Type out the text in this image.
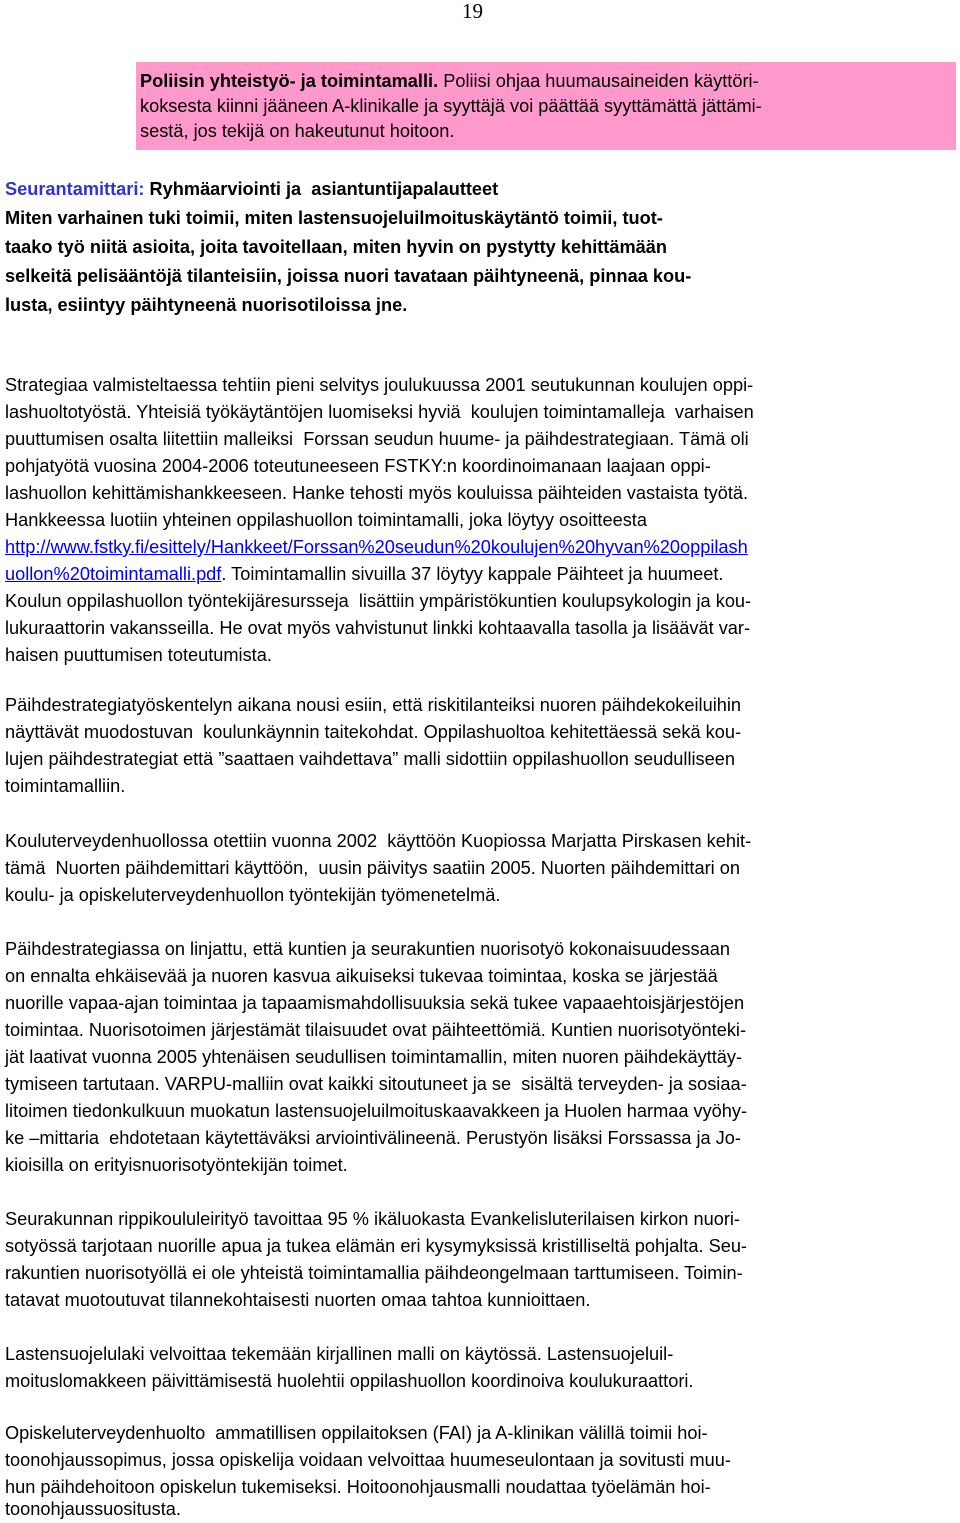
19
Poliisin yhteistyö- ja toimintamalli. Poliisi ohjaa huumausaineiden käyttöri-
koksesta kiinni jääneen A-klinikalle ja syyttäjä voi päättää syyttämättä jättämi-
sestä, jos tekijä on hakeutunut hoitoon.
Seurantamittari: Ryhmäarviointi ja  asiantuntijapalautteet
Miten varhainen tuki toimii, miten lastensuojeluilmoituskäytäntö toimii, tuot-
taako työ niitä asioita, joita tavoitellaan, miten hyvin on pystytty kehittämään
selkeitä pelisääntöjä tilanteisiin, joissa nuori tavataan päihtyneenä, pinnaa kou-
lusta, esiintyy päihtyneenä nuorisotiloissa jne.
Strategiaa valmisteltaessa tehtiin pieni selvitys joulukuussa 2001 seutukunnan koulujen oppi-
lashuoltotyöstä. Yhteisiä työkäytäntöjen luomiseksi hyviä  koulujen toimintamalleja  varhaisen
puuttumisen osalta liitettiin malleiksi  Forssan seudun huume- ja päihdestrategiaan. Tämä oli
pohjatyötä vuosina 2004-2006 toteutuneeseen FSTKY:n koordinoimanaan laajaan oppi-
lashuollon kehittämishankkeeseen. Hanke tehosti myös kouluissa päihteiden vastaista työtä.
Hankkeessa luotiin yhteinen oppilashuollon toimintamalli, joka löytyy osoitteesta
http://www.fstky.fi/esittely/Hankkeet/Forssan%20seudun%20koulujen%20hyvan%20oppilash
uollon%20toimintamalli.pdf. Toimintamallin sivuilla 37 löytyy kappale Päihteet ja huumeet.
Koulun oppilashuollon työntekijäresursseja  lisättiin ympäristökuntien koulupsykologin ja kou-
lukuraattorin vakansseilla. He ovat myös vahvistunut linkki kohtaavalla tasolla ja lisäävät var-
haisen puuttumisen toteutumista.
Päihdestrategiatyöskentelyn aikana nousi esiin, että riskitilanteiksi nuoren päihdekokeiluihin
näyttävät muodostuvan  koulunkäynnin taitekohdat. Oppilashuoltoa kehitettäessä sekä kou-
lujen päihdestrategiat että ”saattaen vaihdettava” malli sidottiin oppilashuollon seudulliseen
toimintamalliin.
Kouluterveydenhuollossa otettiin vuonna 2002  käyttöön Kuopiossa Marjatta Pirskasen kehit-
tämä  Nuorten päihdemittari käyttöön,  uusin päivitys saatiin 2005. Nuorten päihdemittari on
koulu- ja opiskeluterveydenhuollon työntekijän työmenetelmä.
Päihdestrategiassa on linjattu, että kuntien ja seurakuntien nuorisotyö kokonaisuudessaan
on ennalta ehkäisevää ja nuoren kasvua aikuiseksi tukevaa toimintaa, koska se järjestää
nuorille vapaa-ajan toimintaa ja tapaamismahdollisuuksia sekä tukee vapaaehtoisjärjestöjen
toimintaa. Nuorisotoimen järjestämät tilaisuudet ovat päihteettömiä. Kuntien nuorisotyönteki-
jät laativat vuonna 2005 yhtenäisen seudullisen toimintamallin, miten nuoren päihdekäyttäy-
tymiseen tartutaan. VARPU-malliin ovat kaikki sitoutuneet ja se  sisältä terveyden- ja sosiaa-
litoimen tiedonkulkuun muokatun lastensuojeluilmoituskaavakkeen ja Huolen harmaa vyöhy-
ke –mittaria  ehdotetaan käytettäväksi arviointivälineenä. Perustyön lisäksi Forssassa ja Jo-
kioisilla on erityisnuorisotyöntekijän toimet.
Seurakunnan rippikoululeirityö tavoittaa 95 % ikäluokasta Evankelisluterilaisen kirkon nuori-
sotyössä tarjotaan nuorille apua ja tukea elämän eri kysymyksissä kristilliseltä pohjalta. Seu-
rakuntien nuorisotyöllä ei ole yhteistä toimintamallia päihdeongelmaan tarttumiseen. Toimin-
tatavat muotoutuvat tilannekohtaisesti nuorten omaa tahtoa kunnioittaen.
Lastensuojelulaki velvoittaa tekemään kirjallinen malli on käytössä. Lastensuojeluil-
moituslomakkeen päivittämisestä huolehtii oppilashuollon koordinoiva koulukuraattori.
Opiskeluterveydenhuolto  ammatillisen oppilaitoksen (FAI) ja A-klinikan välillä toimii hoi-
toonohjaussopimus, jossa opiskelija voidaan velvoittaa huumeseulontaan ja sovitusti muu-
hun päihdehoitoon opiskelun tukemiseksi. Hoitoonohjausmalli noudattaa työelämän hoi-
toonohjaussuositusta.
